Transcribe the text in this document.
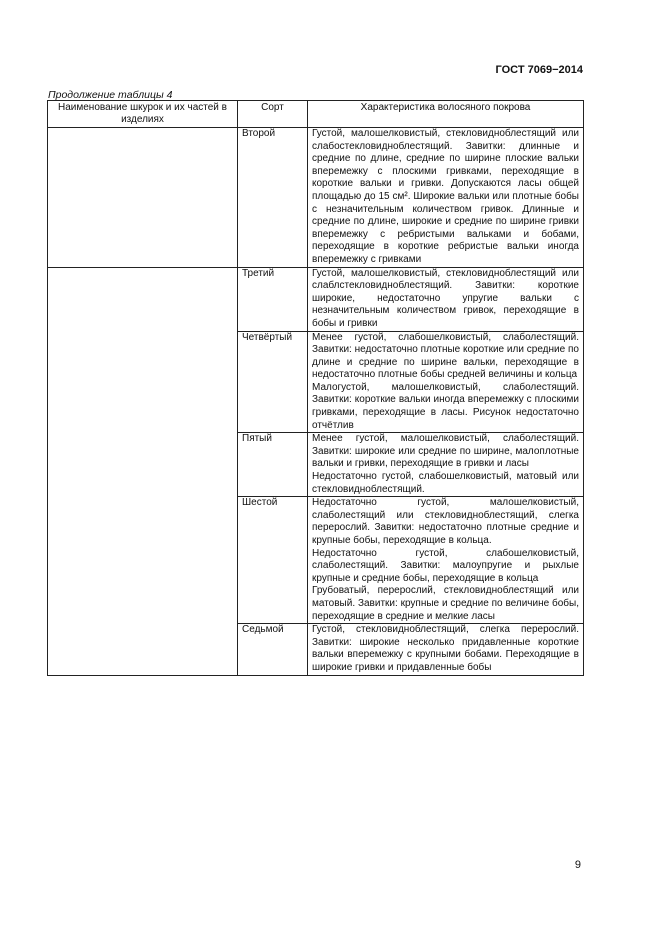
ГОСТ 7069−2014
Продолжение таблицы 4
Наименование шкурок и их частей в изделиях	Сорт	Характеристика волосяного покрова
	Второй	Густой, малошелковистый, стекловидноблестящий или слабостекловидноблестящий. Завитки: длинные и средние по длине, средние по ширине плоские вальки вперемежку с плоскими гривками, переходящие в короткие вальки и гривки. Допускаются ласы общей площадью до 15 см². Широкие вальки или плотные бобы с незначительным количеством гривок. Длинные и средние по длине, широкие и средние по ширине гривки вперемежку с ребристыми вальками и бобами, переходящие в короткие ребристые вальки иногда вперемежку с гривками

	Третий	Густой, малошелковистый, стекловидноблестящий или слаблстекловидноблестящий. Завитки: короткие широкие, недостаточно упругие вальки с незначительным количеством гривок, переходящие в бобы и гривки

	Четвёртый	Менее густой, слабошелковистый, слаболестящий. Завитки: недостаточно плотные короткие или средние по длине и средние по ширине вальки, переходящие в недостаточно плотные бобы средней величины и кольца

Малогустой, малошелковистый, слаболестящий. Завитки: короткие вальки иногда вперемежку с плоскими гривками, переходящие в ласы. Рисунок недостаточно отчётлив

	Пятый	Менее густой, малошелковистый, слаболестящий. Завитки: широкие или средние по ширине, малоплотные вальки и гривки, переходящие в гривки и ласы

Недостаточно густой, слабошелковистый, матовый или стекловидноблестящий.

	Шестой	Недостаточно густой, малошелковистый, слаболестящий или стекловидноблестящий, слегка перерослий. Завитки: недостаточно плотные средние и крупные бобы, переходящие в кольца.

Недостаточно густой, слабошелковистый, слаболестящий. Завитки: малоупругие и рыхлые крупные и средние бобы, переходящие в кольца

Грубоватый, перерослий, стекловидноблестящий или матовый. Завитки: крупные и средние по величине бобы, переходящие в средние и мелкие ласы

	Седьмой	Густой, стекловидноблестящий, слегка перерослий. Завитки: широкие несколько придавленные короткие вальки вперемежку с крупными бобами. Переходящие в широкие гривки и придавленные бобы

9
